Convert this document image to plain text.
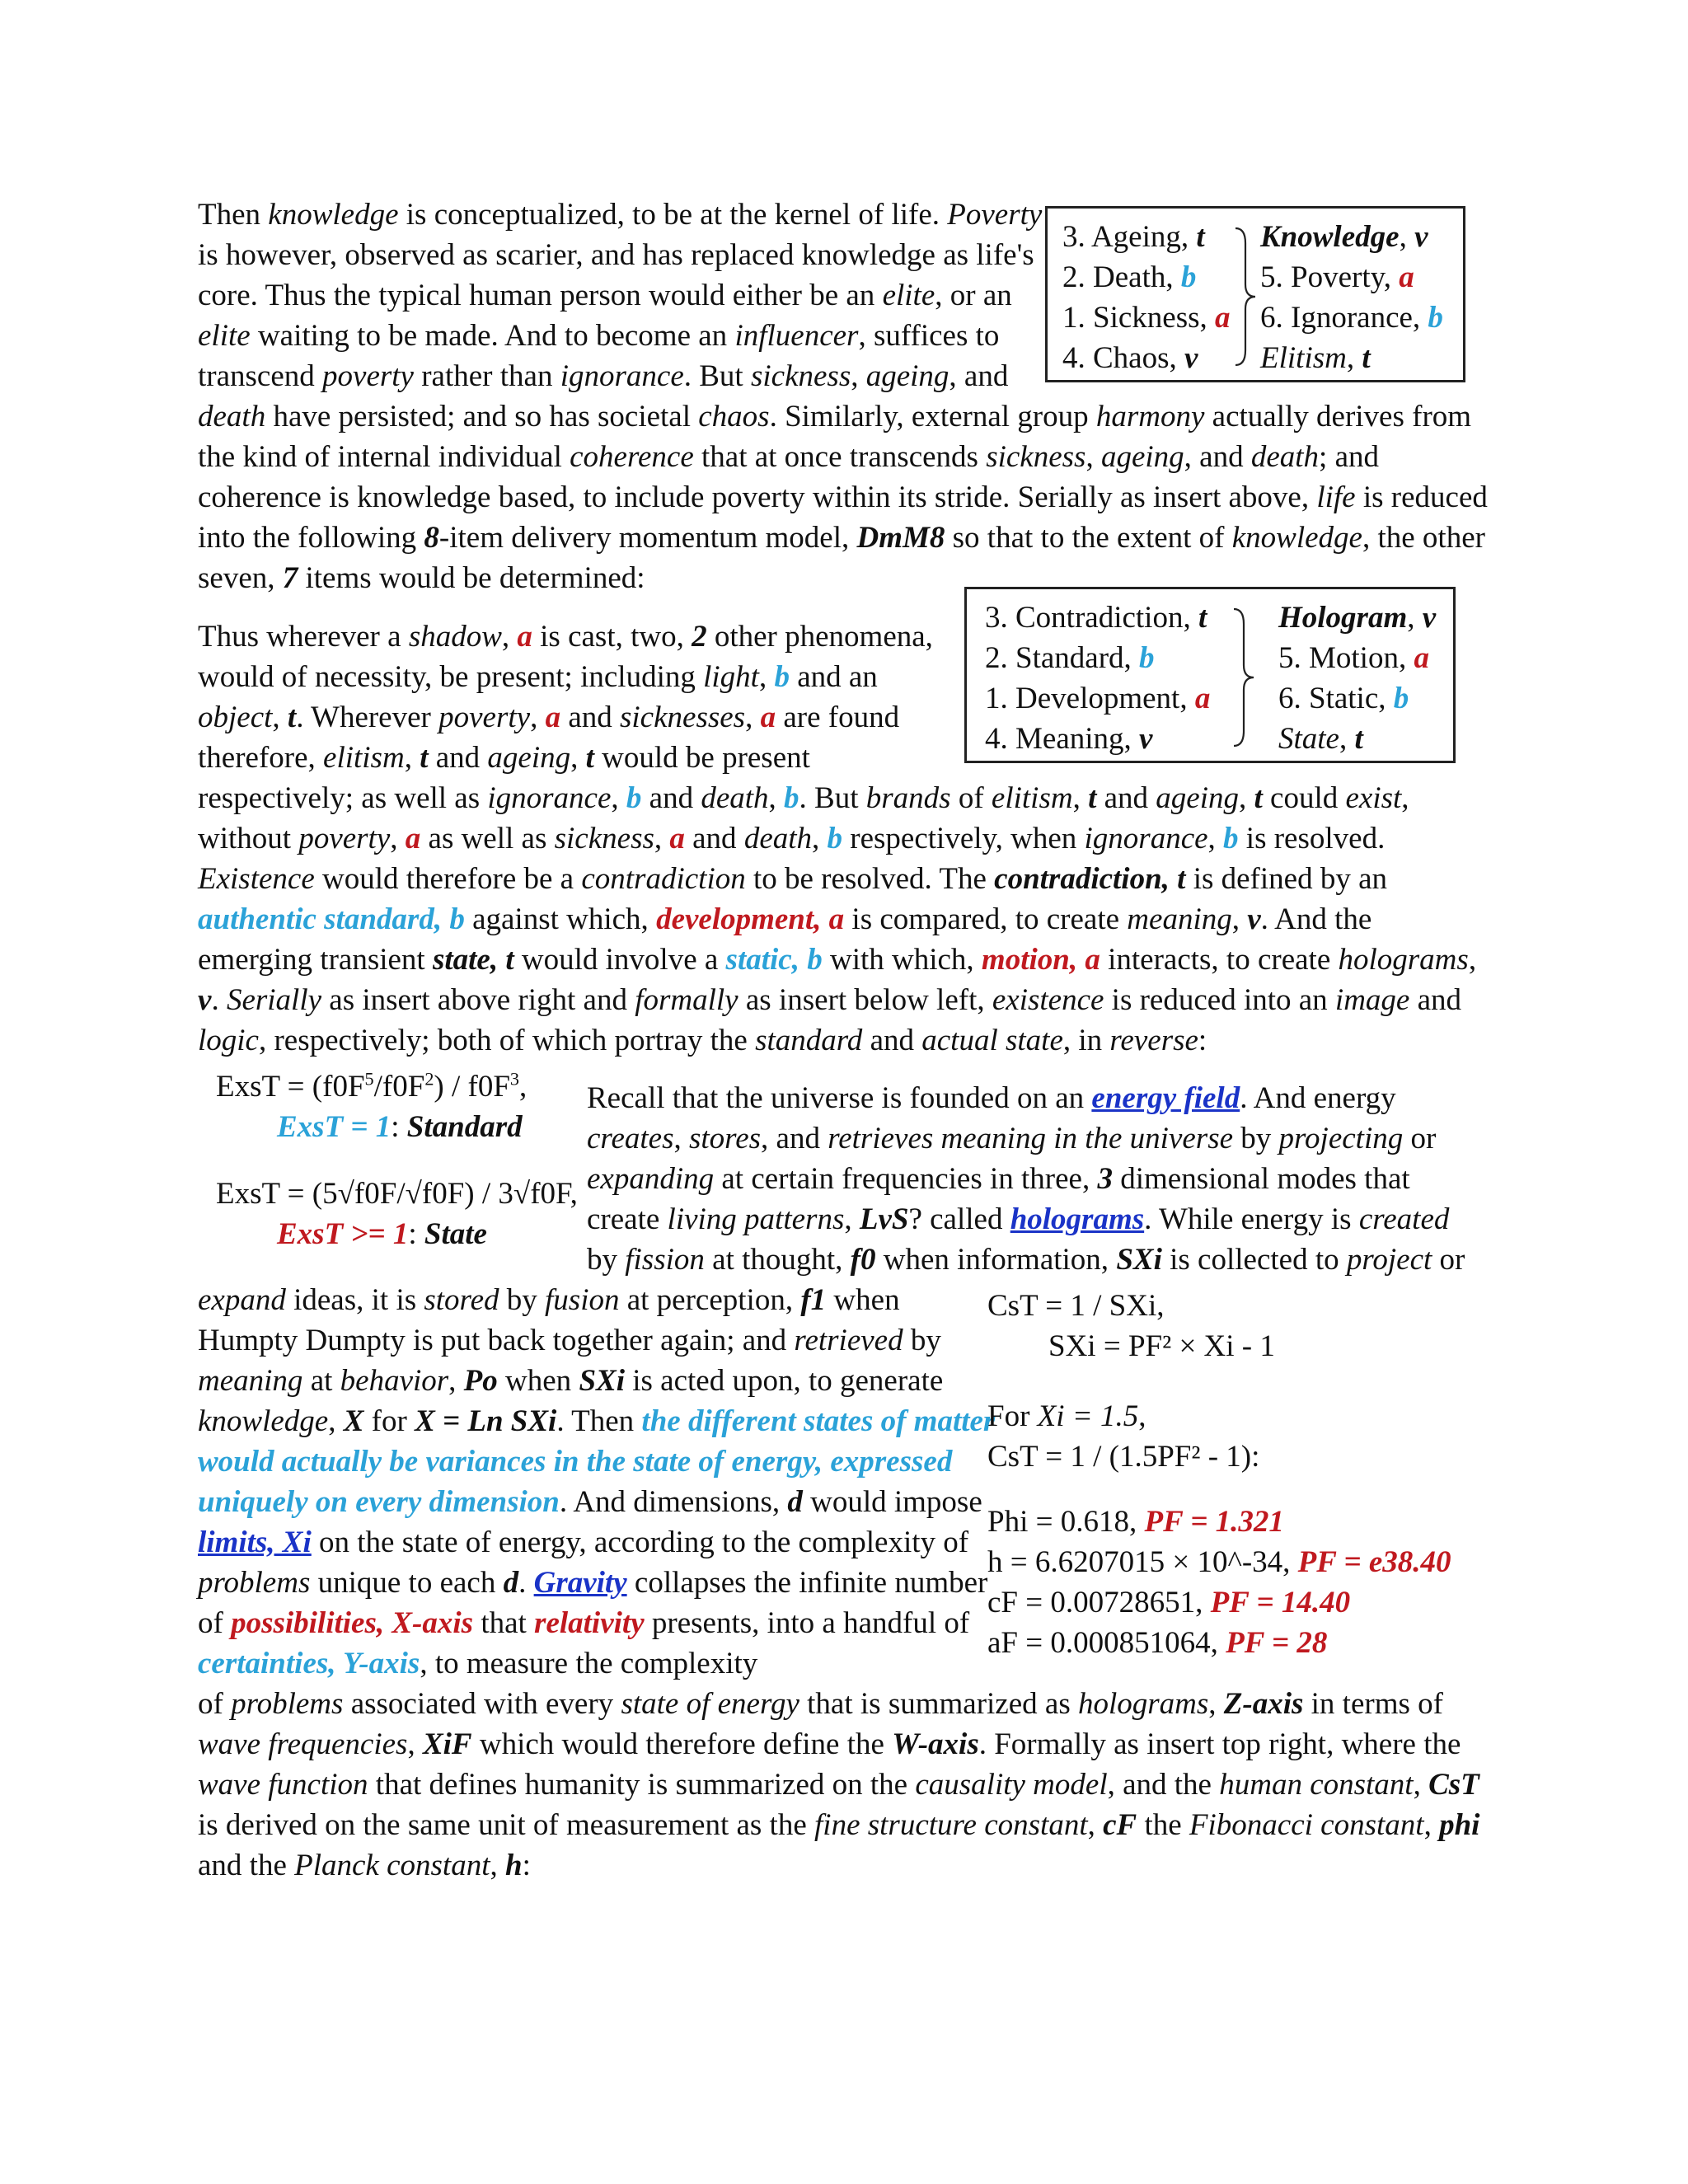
Then knowledge is conceptualized, to be at the kernel of life. Poverty
is however, observed as scarier, and has replaced knowledge as life's
core. Thus the typical human person would either be an elite, or an
elite waiting to be made. And to become an influencer, suffices to
transcend poverty rather than ignorance. But sickness, ageing, and
death have persisted; and so has societal chaos. Similarly, external group harmony actually derives from
the kind of internal individual coherence that at once transcends sickness, ageing, and death; and
coherence is knowledge based, to include poverty within its stride. Serially as insert above, life is reduced
into the following 8-item delivery momentum model, DmM8 so that to the extent of knowledge, the other
seven, 7 items would be determined:
3. Ageing, t
2. Death, b
1. Sickness, a
4. Chaos, v
Knowledge, v
5. Poverty, a
6. Ignorance, b
Elitism, t
Thus wherever a shadow, a is cast, two, 2 other phenomena,
would of necessity, be present; including light, b and an
object, t. Wherever poverty, a and sicknesses, a are found
therefore, elitism, t and ageing, t would be present
respectively; as well as ignorance, b and death, b. But brands of elitism, t and ageing, t could exist,
without poverty, a as well as sickness, a and death, b respectively, when ignorance, b is resolved.
Existence would therefore be a contradiction to be resolved. The contradiction, t is defined by an
authentic standard, b against which, development, a is compared, to create meaning, v. And the
emerging transient state, t would involve a static, b with which, motion, a interacts, to create holograms,
v. Serially as insert above right and formally as insert below left, existence is reduced into an image and
logic, respectively; both of which portray the standard and actual state, in reverse:
3. Contradiction, t
2. Standard, b
1. Development, a
4. Meaning, v
Hologram, v
5. Motion, a
6. Static, b
State, t
ExsT = $(f0F^5/f0F^2) / f0F^3$,
ExsT = 1: Standard
ExsT = (5√f0F/√f0F) / 3√f0F,
ExsT >= 1: State
Recall that the universe is founded on an energy field. And energy
creates, stores, and retrieves meaning in the universe by projecting or
expanding at certain frequencies in three, 3 dimensional modes that
create living patterns, LvS? called holograms. While energy is created
by fission at thought, f0 when information, SXi is collected to project or
expand ideas, it is stored by fusion at perception, f1 when
Humpty Dumpty is put back together again; and retrieved by
meaning at behavior, Po when SXi is acted upon, to generate
knowledge, X for X = Ln SXi. Then the different states of matter
would actually be variances in the state of energy, expressed
uniquely on every dimension. And dimensions, d would impose
limits, Xi on the state of energy, according to the complexity of
problems unique to each d. Gravity collapses the infinite number
of possibilities, X-axis that relativity presents, into a handful of
certainties, Y-axis, to measure the complexity
of problems associated with every state of energy that is summarized as holograms, Z-axis in terms of
wave frequencies, XiF which would therefore define the W-axis. Formally as insert top right, where the
wave function that defines humanity is summarized on the causality model, and the human constant, CsT
is derived on the same unit of measurement as the fine structure constant, cF the Fibonacci constant, phi
and the Planck constant, h:
CsT = 1 / SXi,
SXi = PF² × Xi - 1
For Xi = 1.5,
CsT = 1 / (1.5PF² - 1):
Phi = 0.618, PF = 1.321
h = 6.6207015 × 10^-34, PF = e38.40
cF = 0.00728651, PF = 14.40
aF = 0.000851064, PF = 28
